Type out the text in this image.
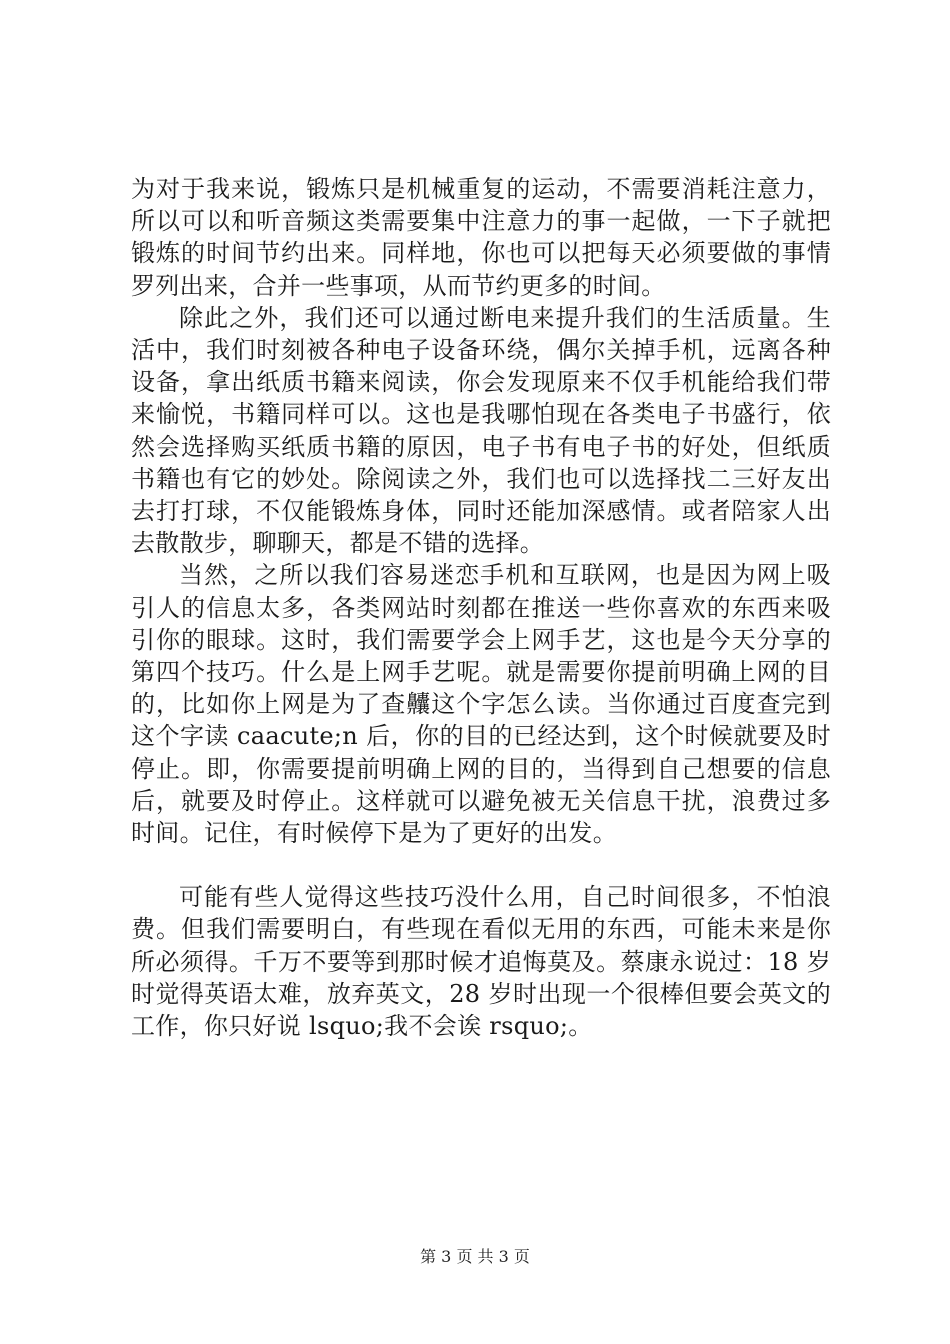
为对于我来说，锻炼只是机械重复的运动，不需要消耗注意力，所以可以和听音频这类需要集中注意力的事一起做，一下子就把锻炼的时间节约出来。同样地，你也可以把每天必须要做的事情罗列出来，合并一些事项，从而节约更多的时间。

除此之外，我们还可以通过断电来提升我们的生活质量。生活中，我们时刻被各种电子设备环绕，偶尔关掉手机，远离各种设备，拿出纸质书籍来阅读，你会发现原来不仅手机能给我们带来愉悦，书籍同样可以。这也是我哪怕现在各类电子书盛行，依然会选择购买纸质书籍的原因，电子书有电子书的好处，但纸质书籍也有它的妙处。除阅读之外，我们也可以选择找二三好友出去打打球，不仅能锻炼身体，同时还能加深感情。或者陪家人出去散散步，聊聊天，都是不错的选择。

当然，之所以我们容易迷恋手机和互联网，也是因为网上吸引人的信息太多，各类网站时刻都在推送一些你喜欢的东西来吸引你的眼球。这时，我们需要学会上网手艺，这也是今天分享的第四个技巧。什么是上网手艺呢。就是需要你提前明确上网的目的，比如你上网是为了查齉这个字怎么读。当你通过百度查完到这个字读 caacute;n 后，你的目的已经达到，这个时候就要及时停止。即，你需要提前明确上网的目的，当得到自己想要的信息后，就要及时停止。这样就可以避免被无关信息干扰，浪费过多时间。记住，有时候停下是为了更好的出发。

可能有些人觉得这些技巧没什么用，自己时间很多，不怕浪费。但我们需要明白，有些现在看似无用的东西，可能未来是你所必须得。千万不要等到那时候才追悔莫及。蔡康永说过：18 岁时觉得英语太难，放弃英文，28 岁时出现一个很棒但要会英文的工作，你只好说 lsquo;我不会诶 rsquo;。

第 3 页 共 3 页
